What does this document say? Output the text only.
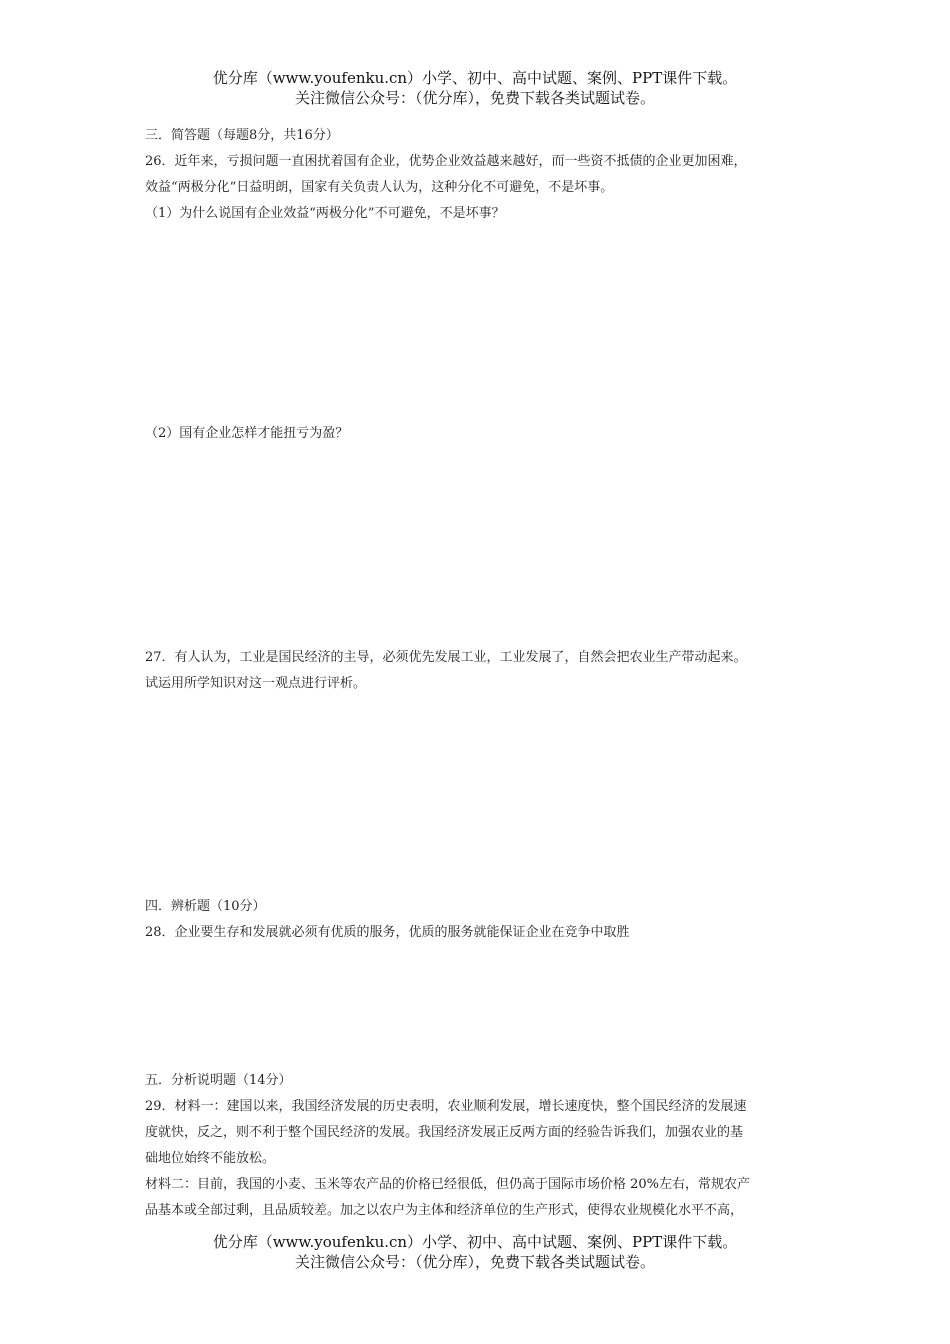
优分库（www.youfenku.cn）小学、初中、高中试题、案例、PPT课件下载。
关注微信公众号：（优分库），免费下载各类试题试卷。
三．简答题（每题8分，共16分）
26．近年来，亏损问题一直困扰着国有企业，优势企业效益越来越好，而一些资不抵债的企业更加困难，
效益“两极分化”日益明朗，国家有关负责人认为，这种分化不可避免，不是坏事。
（1）为什么说国有企业效益“两极分化”不可避免，不是坏事？
（2）国有企业怎样才能扭亏为盈？
27．有人认为，工业是国民经济的主导，必须优先发展工业，工业发展了，自然会把农业生产带动起来。
试运用所学知识对这一观点进行评析。
四．辨析题（10分）
28．企业要生存和发展就必须有优质的服务，优质的服务就能保证企业在竞争中取胜
五．分析说明题（14分）
29．材料一：建国以来，我国经济发展的历史表明，农业顺利发展，增长速度快，整个国民经济的发展速
度就快，反之，则不利于整个国民经济的发展。我国经济发展正反两方面的经验告诉我们，加强农业的基
础地位始终不能放松。
材料二：目前，我国的小麦、玉米等农产品的价格已经很低，但仍高于国际市场价格 20%左右，常规农产
品基本或全部过剩，且品质较差。加之以农户为主体和经济单位的生产形式，使得农业规模化水平不高，
优分库（www.youfenku.cn）小学、初中、高中试题、案例、PPT课件下载。
关注微信公众号：（优分库），免费下载各类试题试卷。
